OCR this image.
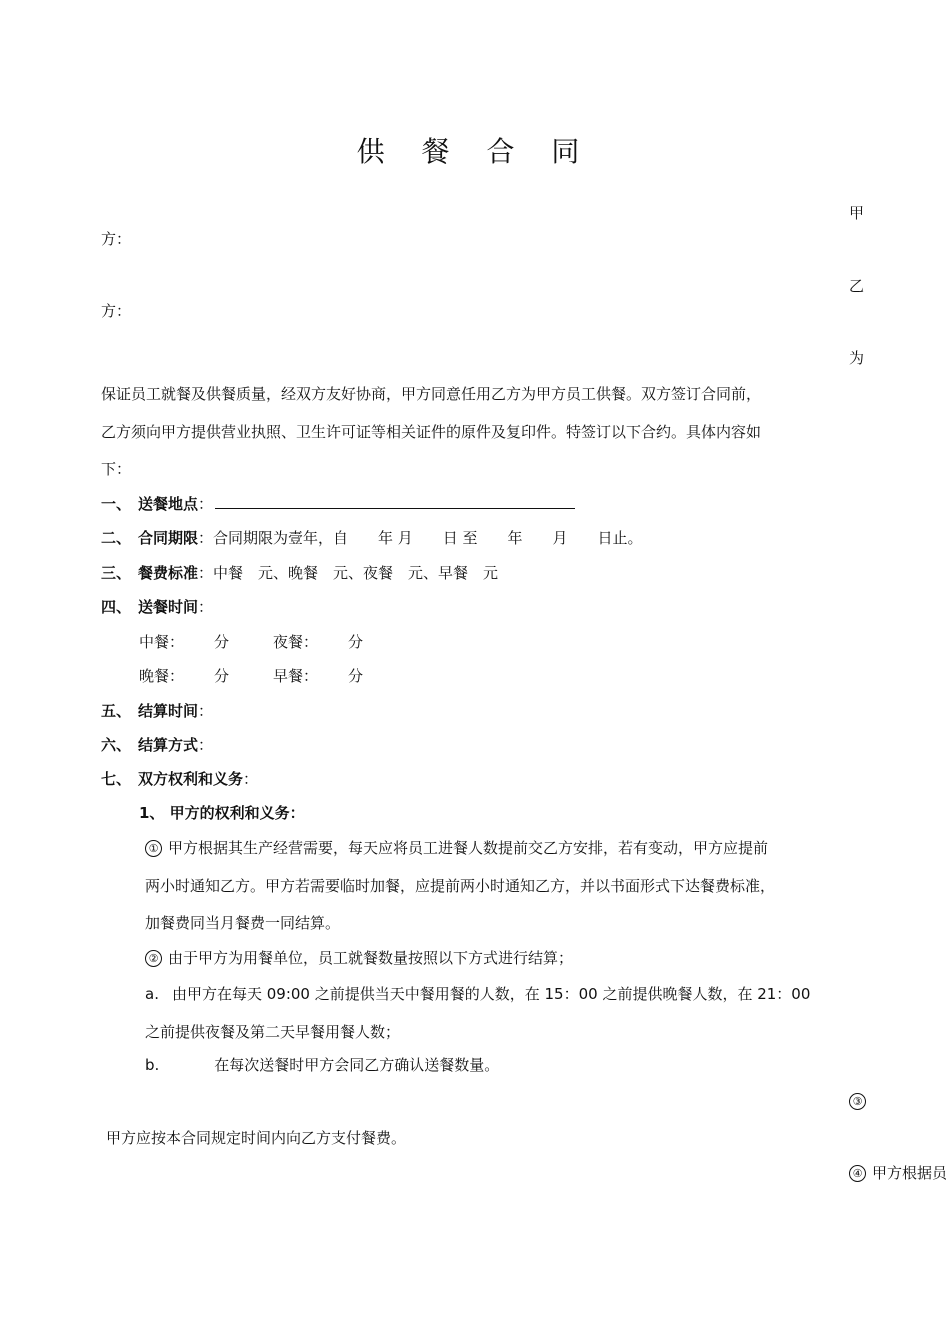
供 餐 合 同
甲
方：
乙
方：
为
保证员工就餐及供餐质量，经双方友好协商，甲方同意任用乙方为甲方员工供餐。双方签订合同前，
乙方须向甲方提供营业执照、卫生许可证等相关证件的原件及复印件。特签订以下合约。具体内容如
下：
一、 送餐地点：
二、 合同期限：合同期限为壹年，自　　年 月　　日 至　　年　　月　　日止。
三、 餐费标准：中餐　元、晚餐　元、夜餐　元、早餐　元
四、 送餐时间：
中餐： 分	夜餐： 分
晚餐： 分	早餐： 分
五、 结算时间：
六、 结算方式：
七、 双方权利和义务：
1、 甲方的权利和义务：
① 甲方根据其生产经营需要，每天应将员工进餐人数提前交乙方安排，若有变动，甲方应提前
两小时通知乙方。甲方若需要临时加餐，应提前两小时通知乙方，并以书面形式下达餐费标准，
加餐费同当月餐费一同结算。
② 由于甲方为用餐单位，员工就餐数量按照以下方式进行结算；
a. 由甲方在每天 09:00 之前提供当天中餐用餐的人数，在 15：00 之前提供晚餐人数，在 21：00
之前提供夜餐及第二天早餐用餐人数；
b.	在每次送餐时甲方会同乙方确认送餐数量。
③
甲方应按本合同规定时间内向乙方支付餐费。
④ 甲方根据员
